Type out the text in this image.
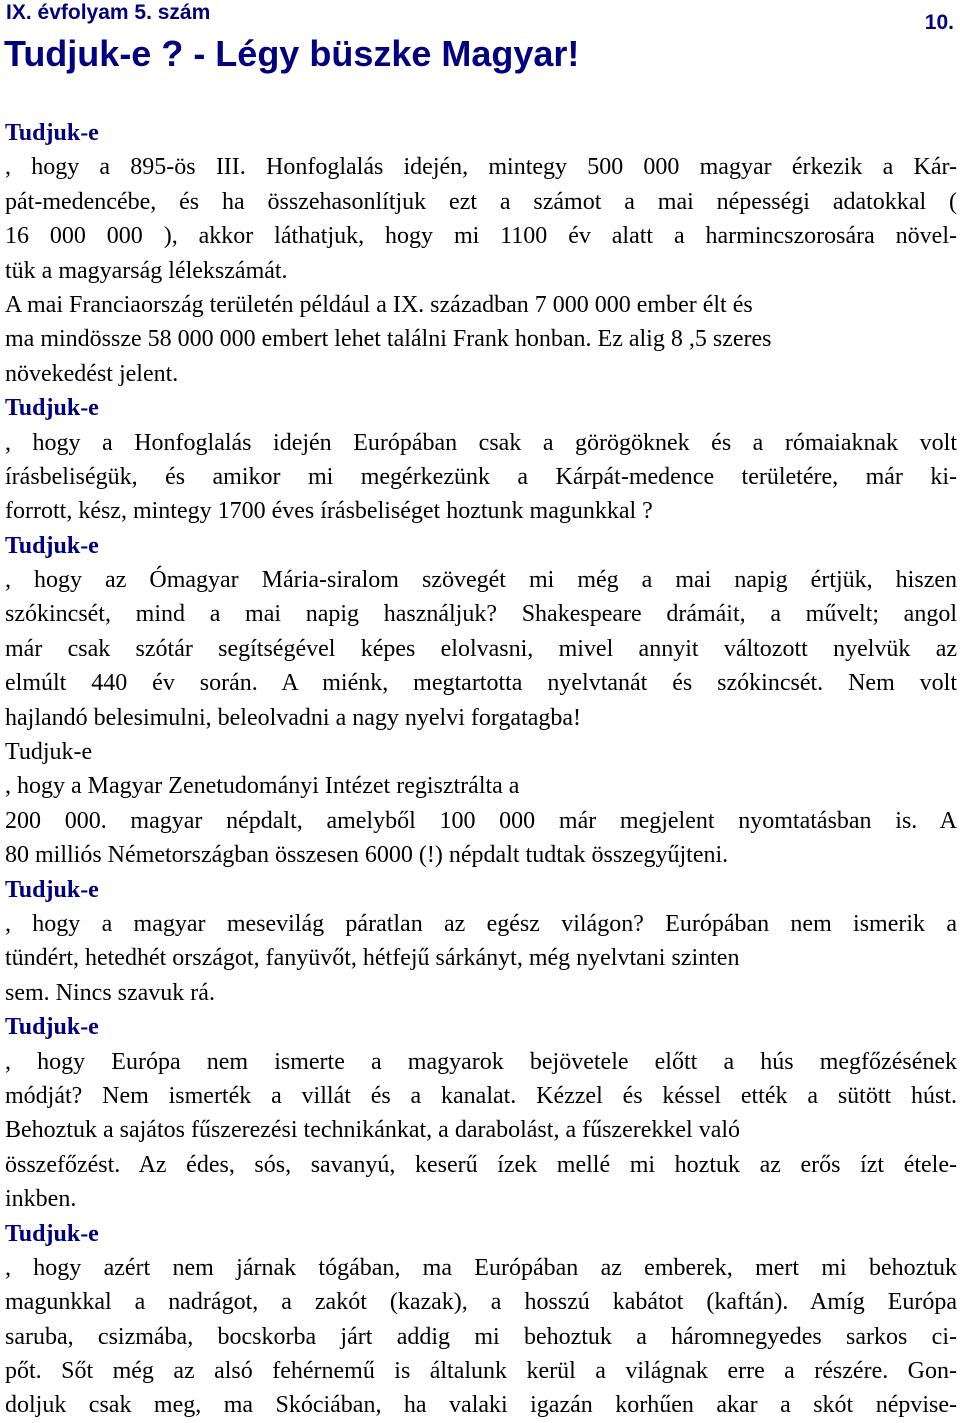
IX. évfolyam 5. szám	10.
Tudjuk-e ? - Légy büszke Magyar!
Tudjuk-e
, hogy a 895-ös III. Honfoglalás idején, mintegy 500 000 magyar érkezik a Kár-
pát-medencébe, és ha összehasonlítjuk ezt a számot a mai népességi adatokkal (
16 000 000 ), akkor láthatjuk, hogy mi 1100 év alatt a harmincszorosára növel-
tük a magyarság lélekszámát.
A mai Franciaország területén például a IX. században 7 000 000 ember élt és
ma mindössze 58 000 000 embert lehet találni Frank honban. Ez alig 8 ,5 szeres
növekedést jelent.
Tudjuk-e
, hogy a Honfoglalás idején Európában csak a görögöknek és a rómaiaknak volt
írásbeliségük, és amikor mi megérkezünk a Kárpát-medence területére, már ki-
forrott, kész, mintegy 1700 éves írásbeliséget hoztunk magunkkal ?
Tudjuk-e
, hogy az Ómagyar Mária-siralom szövegét mi még a mai napig értjük, hiszen
szókincsét, mind a mai napig használjuk? Shakespeare drámáit, a művelt; angol
már csak szótár segítségével képes elolvasni, mivel annyit változott nyelvük az
elmúlt 440 év során. A miénk, megtartotta nyelvtanát és szókincsét. Nem volt
hajlandó belesimulni, beleolvadni a nagy nyelvi forgatagba!
Tudjuk-e
, hogy a Magyar Zenetudományi Intézet regisztrálta a
200 000. magyar népdalt, amelyből 100 000 már megjelent nyomtatásban is. A
80 milliós Németországban összesen 6000 (!) népdalt tudtak összegyűjteni.
Tudjuk-e
, hogy a magyar mesevilág páratlan az egész világon? Európában nem ismerik a
tündért, hetedhét országot, fanyüvőt, hétfejű sárkányt, még nyelvtani szinten
sem. Nincs szavuk rá.
Tudjuk-e
, hogy Európa nem ismerte a magyarok bejövetele előtt a hús megfőzésének
módját? Nem ismerték a villát és a kanalat. Kézzel és késsel ették a sütött húst.
Behoztuk a sajátos fűszerezési technikánkat, a darabolást, a fűszerekkel való
összefőzést. Az édes, sós, savanyú, keserű ízek mellé mi hoztuk az erős ízt étele-
inkben.
Tudjuk-e
, hogy azért nem járnak tógában, ma Európában az emberek, mert mi behoztuk
magunkkal a nadrágot, a zakót (kazak), a hosszú kabátot (kaftán). Amíg Európa
saruba, csizmába, bocskorba járt addig mi behoztuk a háromnegyedes sarkos ci-
pőt. Sőt még az alsó fehérnemű is általunk kerül a világnak erre a részére. Gon-
doljuk csak meg, ma Skóciában, ha valaki igazán korhűen akar a skót népvise-
